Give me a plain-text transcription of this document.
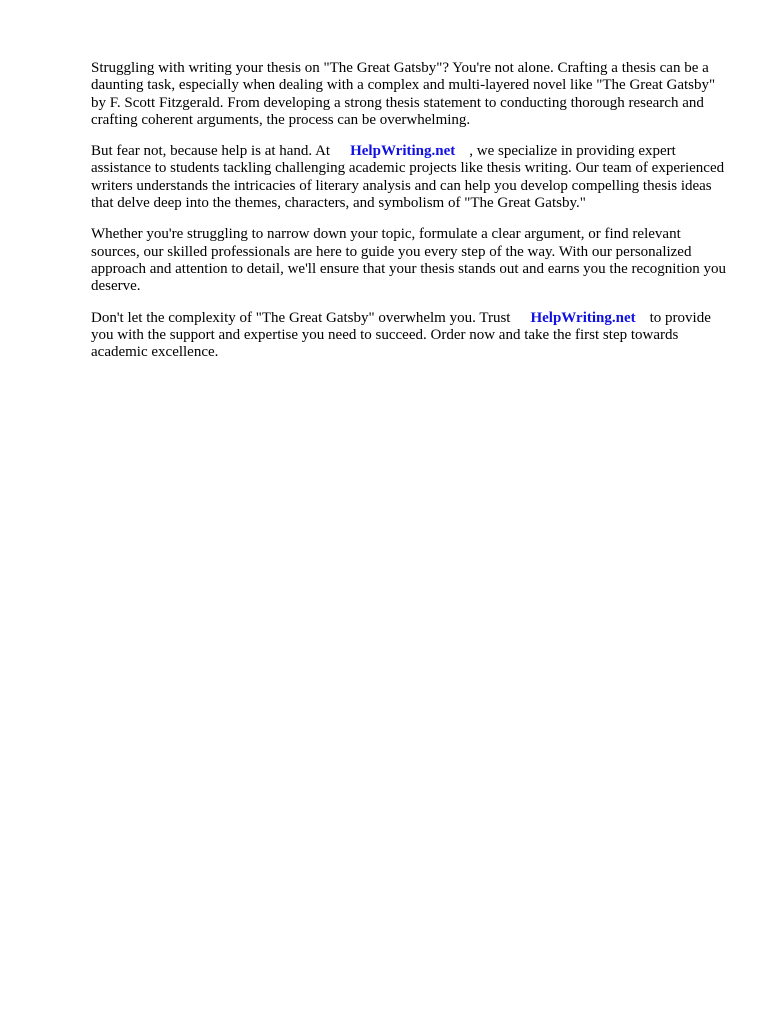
Struggling with writing your thesis on "The Great Gatsby"? You're not alone. Crafting a thesis can be a daunting task, especially when dealing with a complex and multi-layered novel like "The Great Gatsby" by F. Scott Fitzgerald. From developing a strong thesis statement to conducting thorough research and crafting coherent arguments, the process can be overwhelming.

But fear not, because help is at hand. At HelpWriting.net , we specialize in providing expert assistance to students tackling challenging academic projects like thesis writing. Our team of experienced writers understands the intricacies of literary analysis and can help you develop compelling thesis ideas that delve deep into the themes, characters, and symbolism of "The Great Gatsby."

Whether you're struggling to narrow down your topic, formulate a clear argument, or find relevant sources, our skilled professionals are here to guide you every step of the way. With our personalized approach and attention to detail, we'll ensure that your thesis stands out and earns you the recognition you deserve.

Don't let the complexity of "The Great Gatsby" overwhelm you. Trust HelpWriting.net to provide you with the support and expertise you need to succeed. Order now and take the first step towards academic excellence.
